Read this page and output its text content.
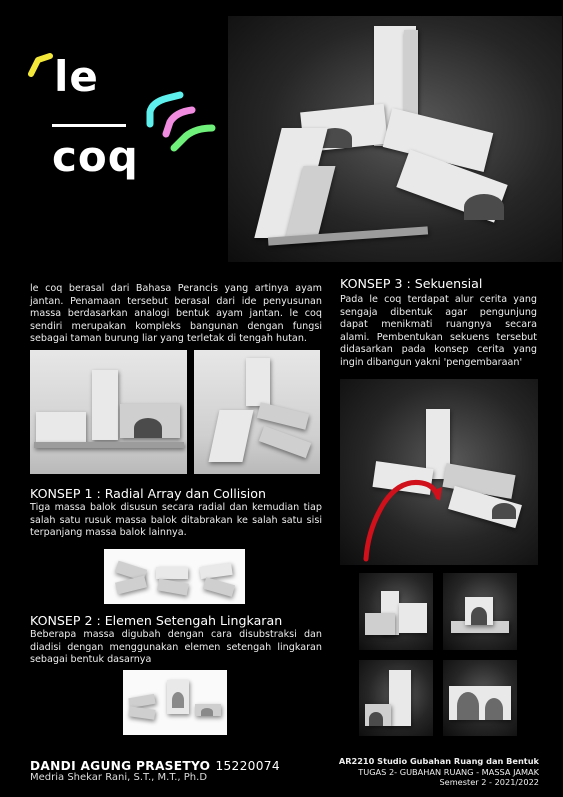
le
coq
le coq berasal dari Bahasa Perancis yang artinya ayam jantan. Penamaan tersebut berasal dari ide penyusunan massa berdasarkan analogi bentuk ayam jantan. le coq sendiri merupakan kompleks bangunan dengan fungsi sebagai taman burung liar yang terletak di tengah hutan.
KONSEP 1 : Radial Array dan Collision
Tiga massa balok disusun secara radial dan kemudian tiap salah satu rusuk massa balok ditabrakan ke salah satu sisi terpanjang massa balok lainnya.
KONSEP 2 : Elemen Setengah Lingkaran
Beberapa massa digubah dengan cara disubstraksi dan diadisi dengan menggunakan elemen setengah lingkaran sebagai bentuk dasarnya
KONSEP 3 : Sekuensial
Pada le coq terdapat alur cerita yang sengaja dibentuk agar pengunjung dapat menikmati ruangnya secara alami. Pembentukan sekuens tersebut didasarkan pada konsep cerita yang ingin dibangun yakni 'pengembaraan'
DANDI AGUNG PRASETYO 15220074
Medria Shekar Rani, S.T., M.T., Ph.D
AR2210 Studio Gubahan Ruang dan Bentuk
TUGAS 2- GUBAHAN RUANG - MASSA JAMAK
Semester 2 - 2021/2022
